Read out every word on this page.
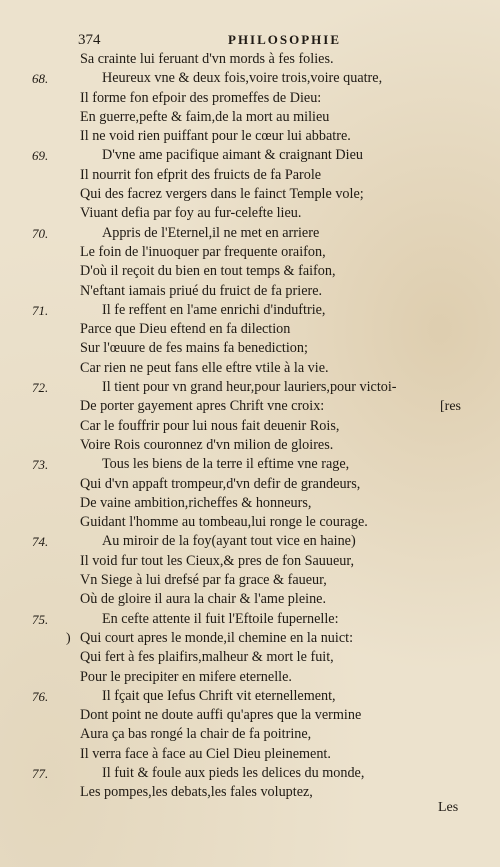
374	PHILOSOPHIE
Sa crainte lui feruant d'vn mords à fes folies.
68.	Heureux vne & deux fois,voire trois,voire quatre,
Il forme fon efpoir des promeffes de Dieu:
En guerre,pefte & faim,de la mort au milieu
Il ne void rien puiffant pour le cœur lui abbatre.
69.	D'vne ame pacifique aimant & craignant Dieu
Il nourrit fon efprit des fruicts de fa Parole
Qui des facrez vergers dans le fainct Temple vole;
Viuant defia par foy au fur-celefte lieu.
70.	Appris de l'Eternel,il ne met en arriere
Le foin de l'inuoquer par frequente oraifon,
D'où il reçoit du bien en tout temps & faifon,
N'eftant iamais priué du fruict de fa priere.
71.	Il fe reffent en l'ame enrichi d'induftrie,
Parce que Dieu eftend en fa dilection
Sur l'œuure de fes mains fa benediction;
Car rien ne peut fans elle eftre vtile à la vie.
72.	Il tient pour vn grand heur,pour lauriers,pour victoi-
De porter gayement apres Chrift vne croix:	[res
Car le fouffrir pour lui nous fait deuenir Rois,
Voire Rois couronnez d'vn milion de gloires.
73.	Tous les biens de la terre il eftime vne rage,
Qui d'vn appaft trompeur,d'vn defir de grandeurs,
De vaine ambition,richeffes & honneurs,
Guidant l'homme au tombeau,lui ronge le courage.
74.	Au miroir de la foy(ayant tout vice en haine)
Il void fur tout les Cieux,& pres de fon Sauueur,
Vn Siege à lui drefsé par fa grace & faueur,
Où de gloire il aura la chair & l'ame pleine.
75.	En cefte attente il fuit l'Eftoile fupernelle:
) Qui court apres le monde,il chemine en la nuict:
Qui fert à fes plaifirs,malheur & mort le fuit,
Pour le precipiter en mifere eternelle.
76.	Il fçait que Iefus Chrift vit eternellement,
Dont point ne doute auffi qu'apres que la vermine
Aura ça bas rongé la chair de fa poitrine,
Il verra face à face au Ciel Dieu pleinement.
77.	Il fuit & foule aux pieds les delices du monde,
Les pompes,les debats,les fales voluptez,
Les
